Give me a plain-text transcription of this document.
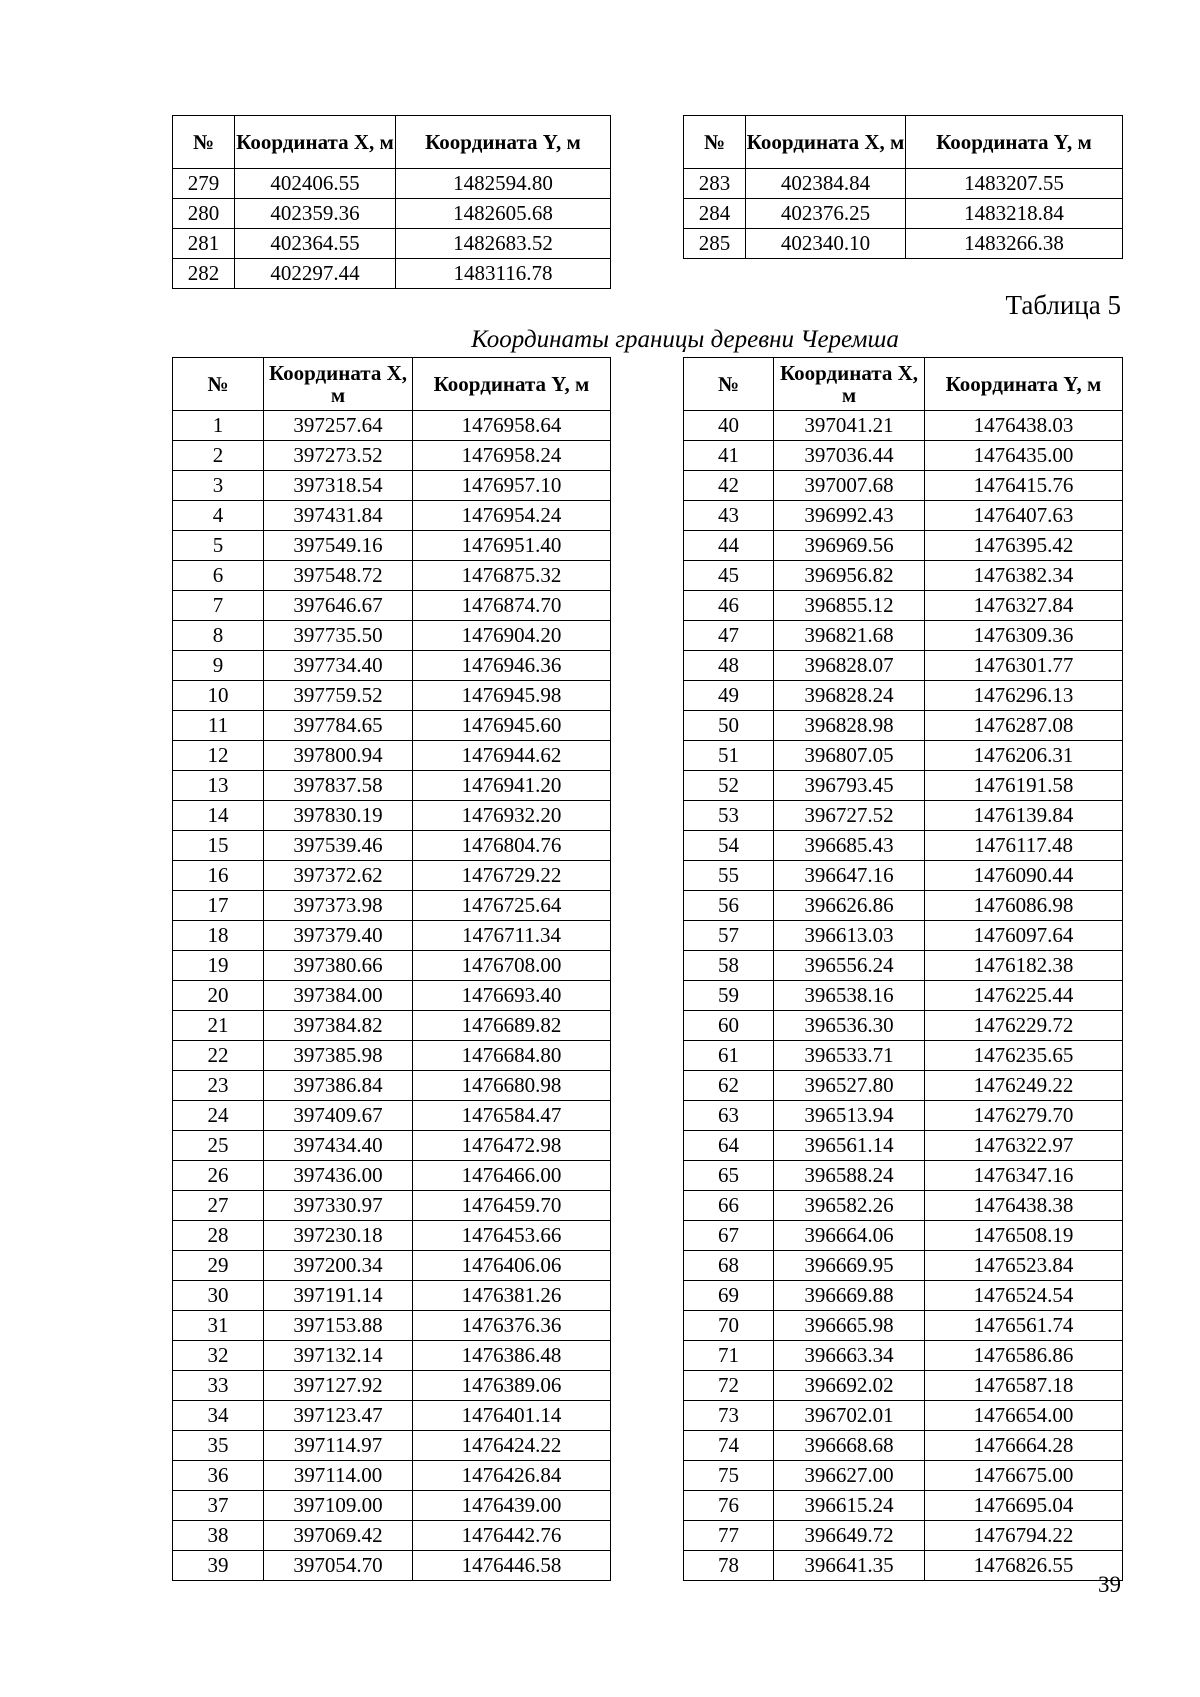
№	Координата X, м	Координата Y, м
279	402406.55	1482594.80
280	402359.36	1482605.68
281	402364.55	1482683.52
282	402297.44	1483116.78
№	Координата X, м	Координата Y, м
283	402384.84	1483207.55
284	402376.25	1483218.84
285	402340.10	1483266.38
Таблица 5
Координаты границы деревни Черемша
№	Координата X, м	Координата Y, м
1	397257.64	1476958.64
2	397273.52	1476958.24
3	397318.54	1476957.10
4	397431.84	1476954.24
5	397549.16	1476951.40
6	397548.72	1476875.32
7	397646.67	1476874.70
8	397735.50	1476904.20
9	397734.40	1476946.36
10	397759.52	1476945.98
11	397784.65	1476945.60
12	397800.94	1476944.62
13	397837.58	1476941.20
14	397830.19	1476932.20
15	397539.46	1476804.76
16	397372.62	1476729.22
17	397373.98	1476725.64
18	397379.40	1476711.34
19	397380.66	1476708.00
20	397384.00	1476693.40
21	397384.82	1476689.82
22	397385.98	1476684.80
23	397386.84	1476680.98
24	397409.67	1476584.47
25	397434.40	1476472.98
26	397436.00	1476466.00
27	397330.97	1476459.70
28	397230.18	1476453.66
29	397200.34	1476406.06
30	397191.14	1476381.26
31	397153.88	1476376.36
32	397132.14	1476386.48
33	397127.92	1476389.06
34	397123.47	1476401.14
35	397114.97	1476424.22
36	397114.00	1476426.84
37	397109.00	1476439.00
38	397069.42	1476442.76
39	397054.70	1476446.58
№	Координата X, м	Координата Y, м
40	397041.21	1476438.03
41	397036.44	1476435.00
42	397007.68	1476415.76
43	396992.43	1476407.63
44	396969.56	1476395.42
45	396956.82	1476382.34
46	396855.12	1476327.84
47	396821.68	1476309.36
48	396828.07	1476301.77
49	396828.24	1476296.13
50	396828.98	1476287.08
51	396807.05	1476206.31
52	396793.45	1476191.58
53	396727.52	1476139.84
54	396685.43	1476117.48
55	396647.16	1476090.44
56	396626.86	1476086.98
57	396613.03	1476097.64
58	396556.24	1476182.38
59	396538.16	1476225.44
60	396536.30	1476229.72
61	396533.71	1476235.65
62	396527.80	1476249.22
63	396513.94	1476279.70
64	396561.14	1476322.97
65	396588.24	1476347.16
66	396582.26	1476438.38
67	396664.06	1476508.19
68	396669.95	1476523.84
69	396669.88	1476524.54
70	396665.98	1476561.74
71	396663.34	1476586.86
72	396692.02	1476587.18
73	396702.01	1476654.00
74	396668.68	1476664.28
75	396627.00	1476675.00
76	396615.24	1476695.04
77	396649.72	1476794.22
78	396641.35	1476826.55
39
